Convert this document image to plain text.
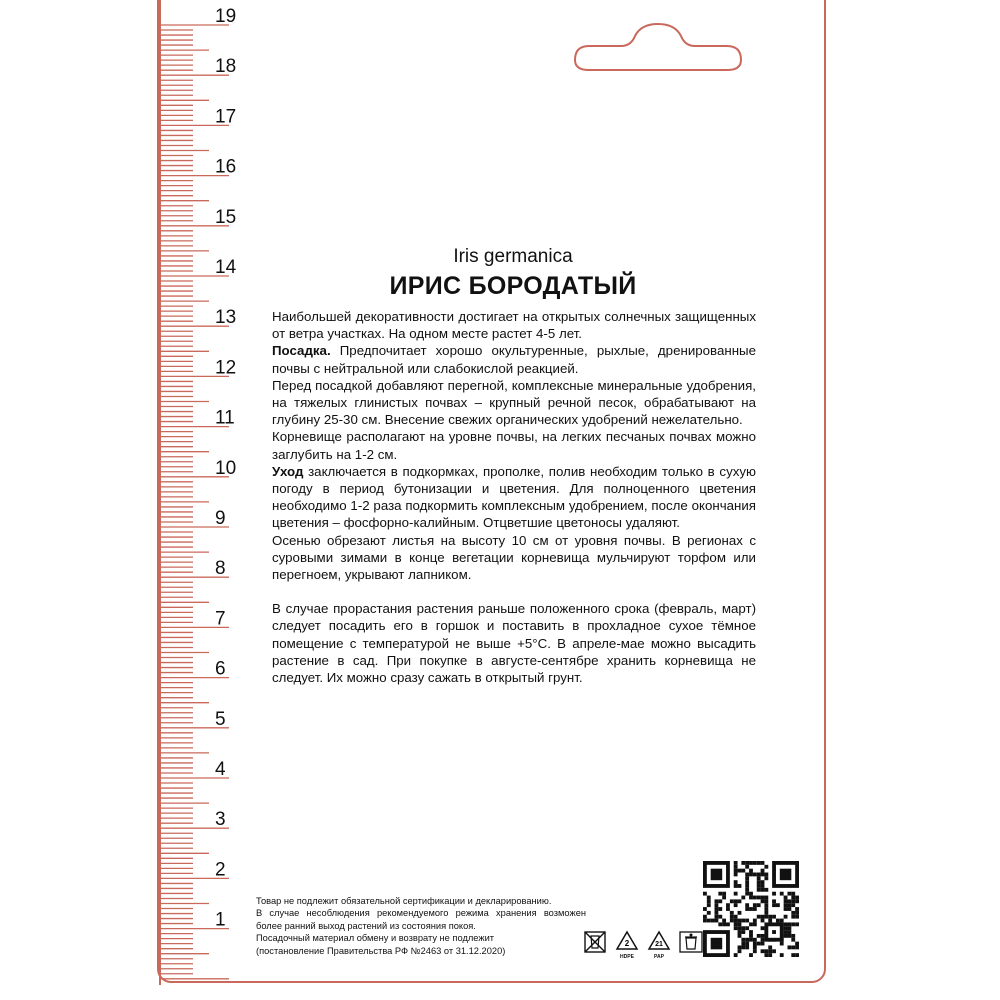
19
18
17
16
15
14
13
12
11
10
9
8
7
6
5
4
3
2
1

Iris germanica

ИРИС БОРОДАТЫЙ

Наибольшей декоративности достигает на открытых солнечных защищенных от ветра участках. На одном месте растет 4-5 лет.

Посадка. Предпочитает хорошо окультуренные, рыхлые, дренированные почвы с нейтральной или слабокислой реакцией.

Перед посадкой добавляют перегной, комплексные минеральные удобрения, на тяжелых глинистых почвах – крупный речной песок, обрабатывают на глубину 25-30 см. Внесение свежих органических удобрений нежелательно.

Корневище располагают на уровне почвы, на легких песчаных почвах можно заглубить на 1-2 см.

Уход заключается в подкормках, прополке, полив необходим только в сухую погоду в период бутонизации и цветения. Для полноценного цветения необходимо 1-2 раза подкормить комплексным удобрением, после окончания цветения – фосфорно-калийным. Отцветшие цветоносы удаляют.

Осенью обрезают листья на высоту 10 см от уровня почвы. В регионах с суровыми зимами в конце вегетации корневища мульчируют торфом или перегноем, укрывают лапником.

В случае прорастания растения раньше положенного срока (февраль, март) следует посадить его в горшок и поставить в прохладное сухое тёмное помещение с температурой не выше +5°С. В апреле-мае можно высадить растение в сад. При покупке в августе-сентябре хранить корневища не следует. Их можно сразу сажать в открытый грунт.

Товар не подлежит обязательной сертификации и декларированию.

В случае несоблюдения рекомендуемого режима хранения возможен более ранний выход растений из состояния покоя.

Посадочный материал обмену и возврату не подлежит

(постановление Правительства РФ №2463 от 31.12.2020)

2
HDPE
21
PAP
